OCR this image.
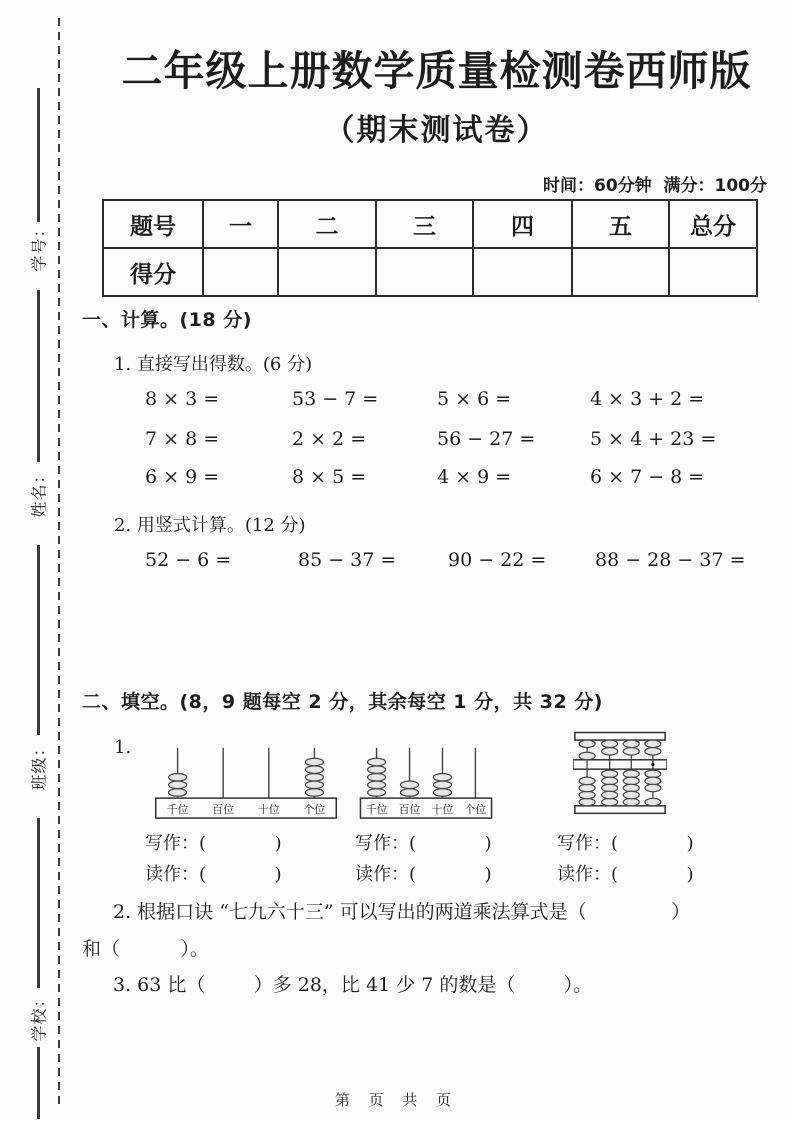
学号：
姓名：
班级：
学校：
二年级上册数学质量检测卷西师版
（期末测试卷）
时间：60分钟  满分：100分
题号	一	二	三	四	五	总分
得分						
一、计算。(18 分)
1. 直接写出得数。(6 分)
8 × 3 =	53 − 7 =	5 × 6 =	4 × 3 + 2 =
7 × 8 =	2 × 2 =	56 − 27 =	5 × 4 + 23 =
6 × 9 =	8 × 5 =	4 × 9 =	6 × 7 − 8 =
2. 用竖式计算。(12 分)
52 − 6 =	85 − 37 =	90 − 22 =	88 − 28 − 37 =
二、填空。(8，9 题每空 2 分，其余每空 1 分，共 32 分)
1.
千位 百位 十位 个位	千位 百位 十位 个位
写作：(            )	写作：(            )	写作：(            )
读作：(            )	读作：(            )	读作：(            )
2. 根据口诀 “七九六十三” 可以写出的两道乘法算式是（              ）
和（          ）。
3. 63 比（        ）多 28，比 41 少 7 的数是（        ）。
第 页 共 页
